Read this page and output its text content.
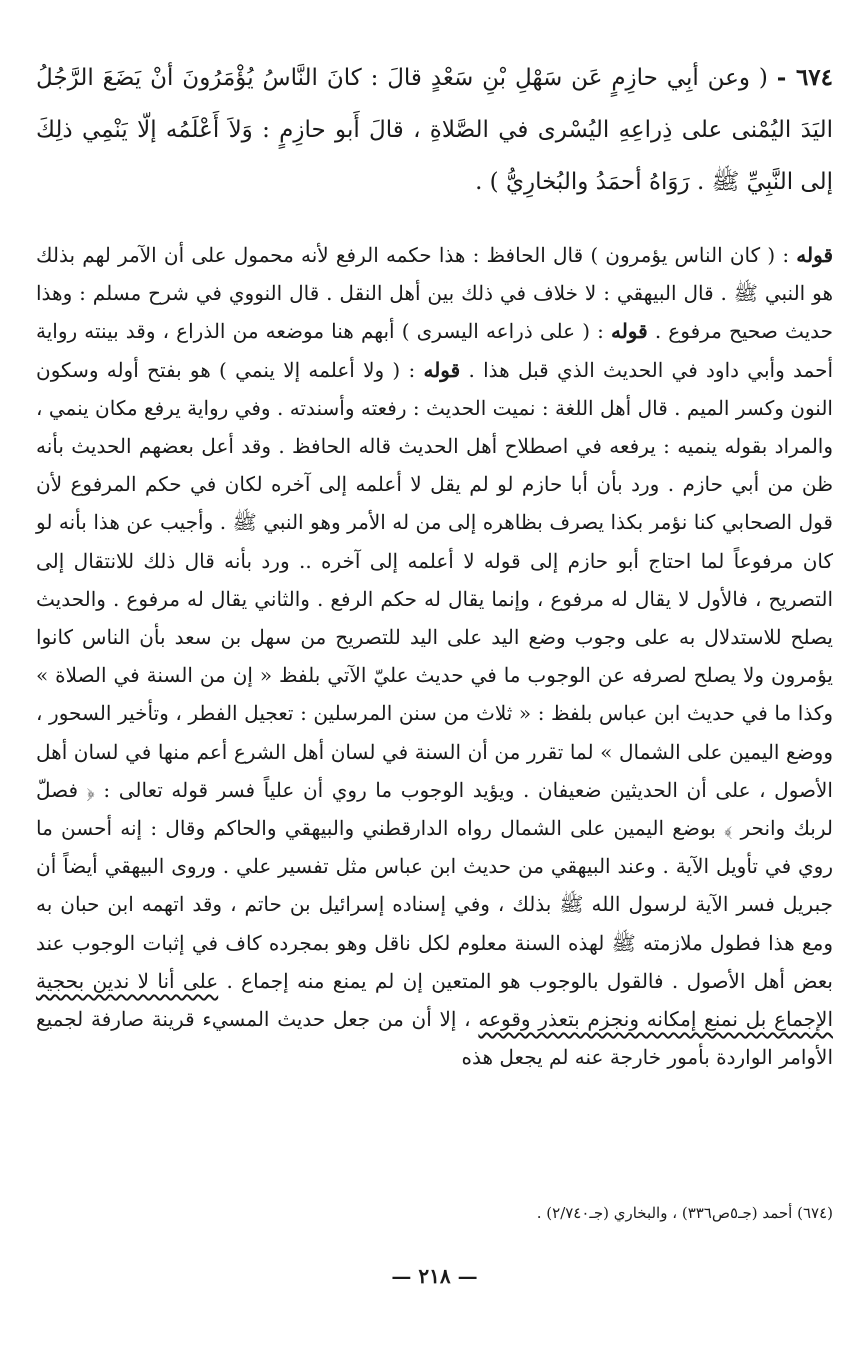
٦٧٤ - ( وعن أبِي حازِمٍ عَن سَهْلِ بْنِ سَعْدٍ قالَ : كانَ النَّاسُ يُؤْمَرُونَ أنْ يَضَعَ الرَّجُلُ اليَدَ اليُمْنى على ذِراعِهِ اليُسْرى في الصَّلاةِ ، قالَ أَبو حازِمٍ : وَلاَ أَعْلَمُه إلّا يَنْمِي ذلِكَ إلى النَّبِيِّ ﷺ . رَوَاهُ أحمَدُ والبُخارِيُّ ) .

قوله : ( كان الناس يؤمرون ) قال الحافظ : هذا حكمه الرفع لأنه محمول على أن الآمر لهم بذلك هو النبي ﷺ . قال البيهقي : لا خلاف في ذلك بين أهل النقل . قال النووي في شرح مسلم : وهذا حديث صحيح مرفوع . قوله : ( على ذراعه اليسرى ) أبهم هنا موضعه من الذراع ، وقد بينته رواية أحمد وأبي داود في الحديث الذي قبل هذا . قوله : ( ولا أعلمه إلا ينمي ) هو بفتح أوله وسكون النون وكسر الميم . قال أهل اللغة : نميت الحديث : رفعته وأسندته . وفي رواية يرفع مكان ينمي ، والمراد بقوله ينميه : يرفعه في اصطلاح أهل الحديث قاله الحافظ . وقد أعل بعضهم الحديث بأنه ظن من أبي حازم . ورد بأن أبا حازم لو لم يقل لا أعلمه إلى آخره لكان في حكم المرفوع لأن قول الصحابي كنا نؤمر بكذا يصرف بظاهره إلى من له الأمر وهو النبي ﷺ . وأجيب عن هذا بأنه لو كان مرفوعاً لما احتاج أبو حازم إلى قوله لا أعلمه إلى آخره .. ورد بأنه قال ذلك للانتقال إلى التصريح ، فالأول لا يقال له مرفوع ، وإنما يقال له حكم الرفع . والثاني يقال له مرفوع . والحديث يصلح للاستدلال به على وجوب وضع اليد على اليد للتصريح من سهل بن سعد بأن الناس كانوا يؤمرون ولا يصلح لصرفه عن الوجوب ما في حديث عليّ الآتي بلفظ « إن من السنة في الصلاة » وكذا ما في حديث ابن عباس بلفظ : « ثلاث من سنن المرسلين : تعجيل الفطر ، وتأخير السحور ، ووضع اليمين على الشمال » لما تقرر من أن السنة في لسان أهل الشرع أعم منها في لسان أهل الأصول ، على أن الحديثين ضعيفان . ويؤيد الوجوب ما روي أن علياً فسر قوله تعالى : ﴿ فصلّ لربك وانحر ﴾ بوضع اليمين على الشمال رواه الدارقطني والبيهقي والحاكم وقال : إنه أحسن ما روي في تأويل الآية . وعند البيهقي من حديث ابن عباس مثل تفسير علي . وروى البيهقي أيضاً أن جبريل فسر الآية لرسول الله ﷺ بذلك ، وفي إسناده إسرائيل بن حاتم ، وقد اتهمه ابن حبان به ومع هذا فطول ملازمته ﷺ لهذه السنة معلوم لكل ناقل وهو بمجرده كاف في إثبات الوجوب عند بعض أهل الأصول . فالقول بالوجوب هو المتعين إن لم يمنع منه إجماع . على أنا لا ندين بحجية الإجماع بل نمنع إمكانه ونجزم بتعذر وقوعه ، إلا أن من جعل حديث المسيء قرينة صارفة لجميع الأوامر الواردة بأمور خارجة عنه لم يجعل هذه
(٦٧٤) أحمد (جـ٥ص٣٣٦) ، والبخاري (جـ٢/٧٤٠) .
— ٢١٨ —
